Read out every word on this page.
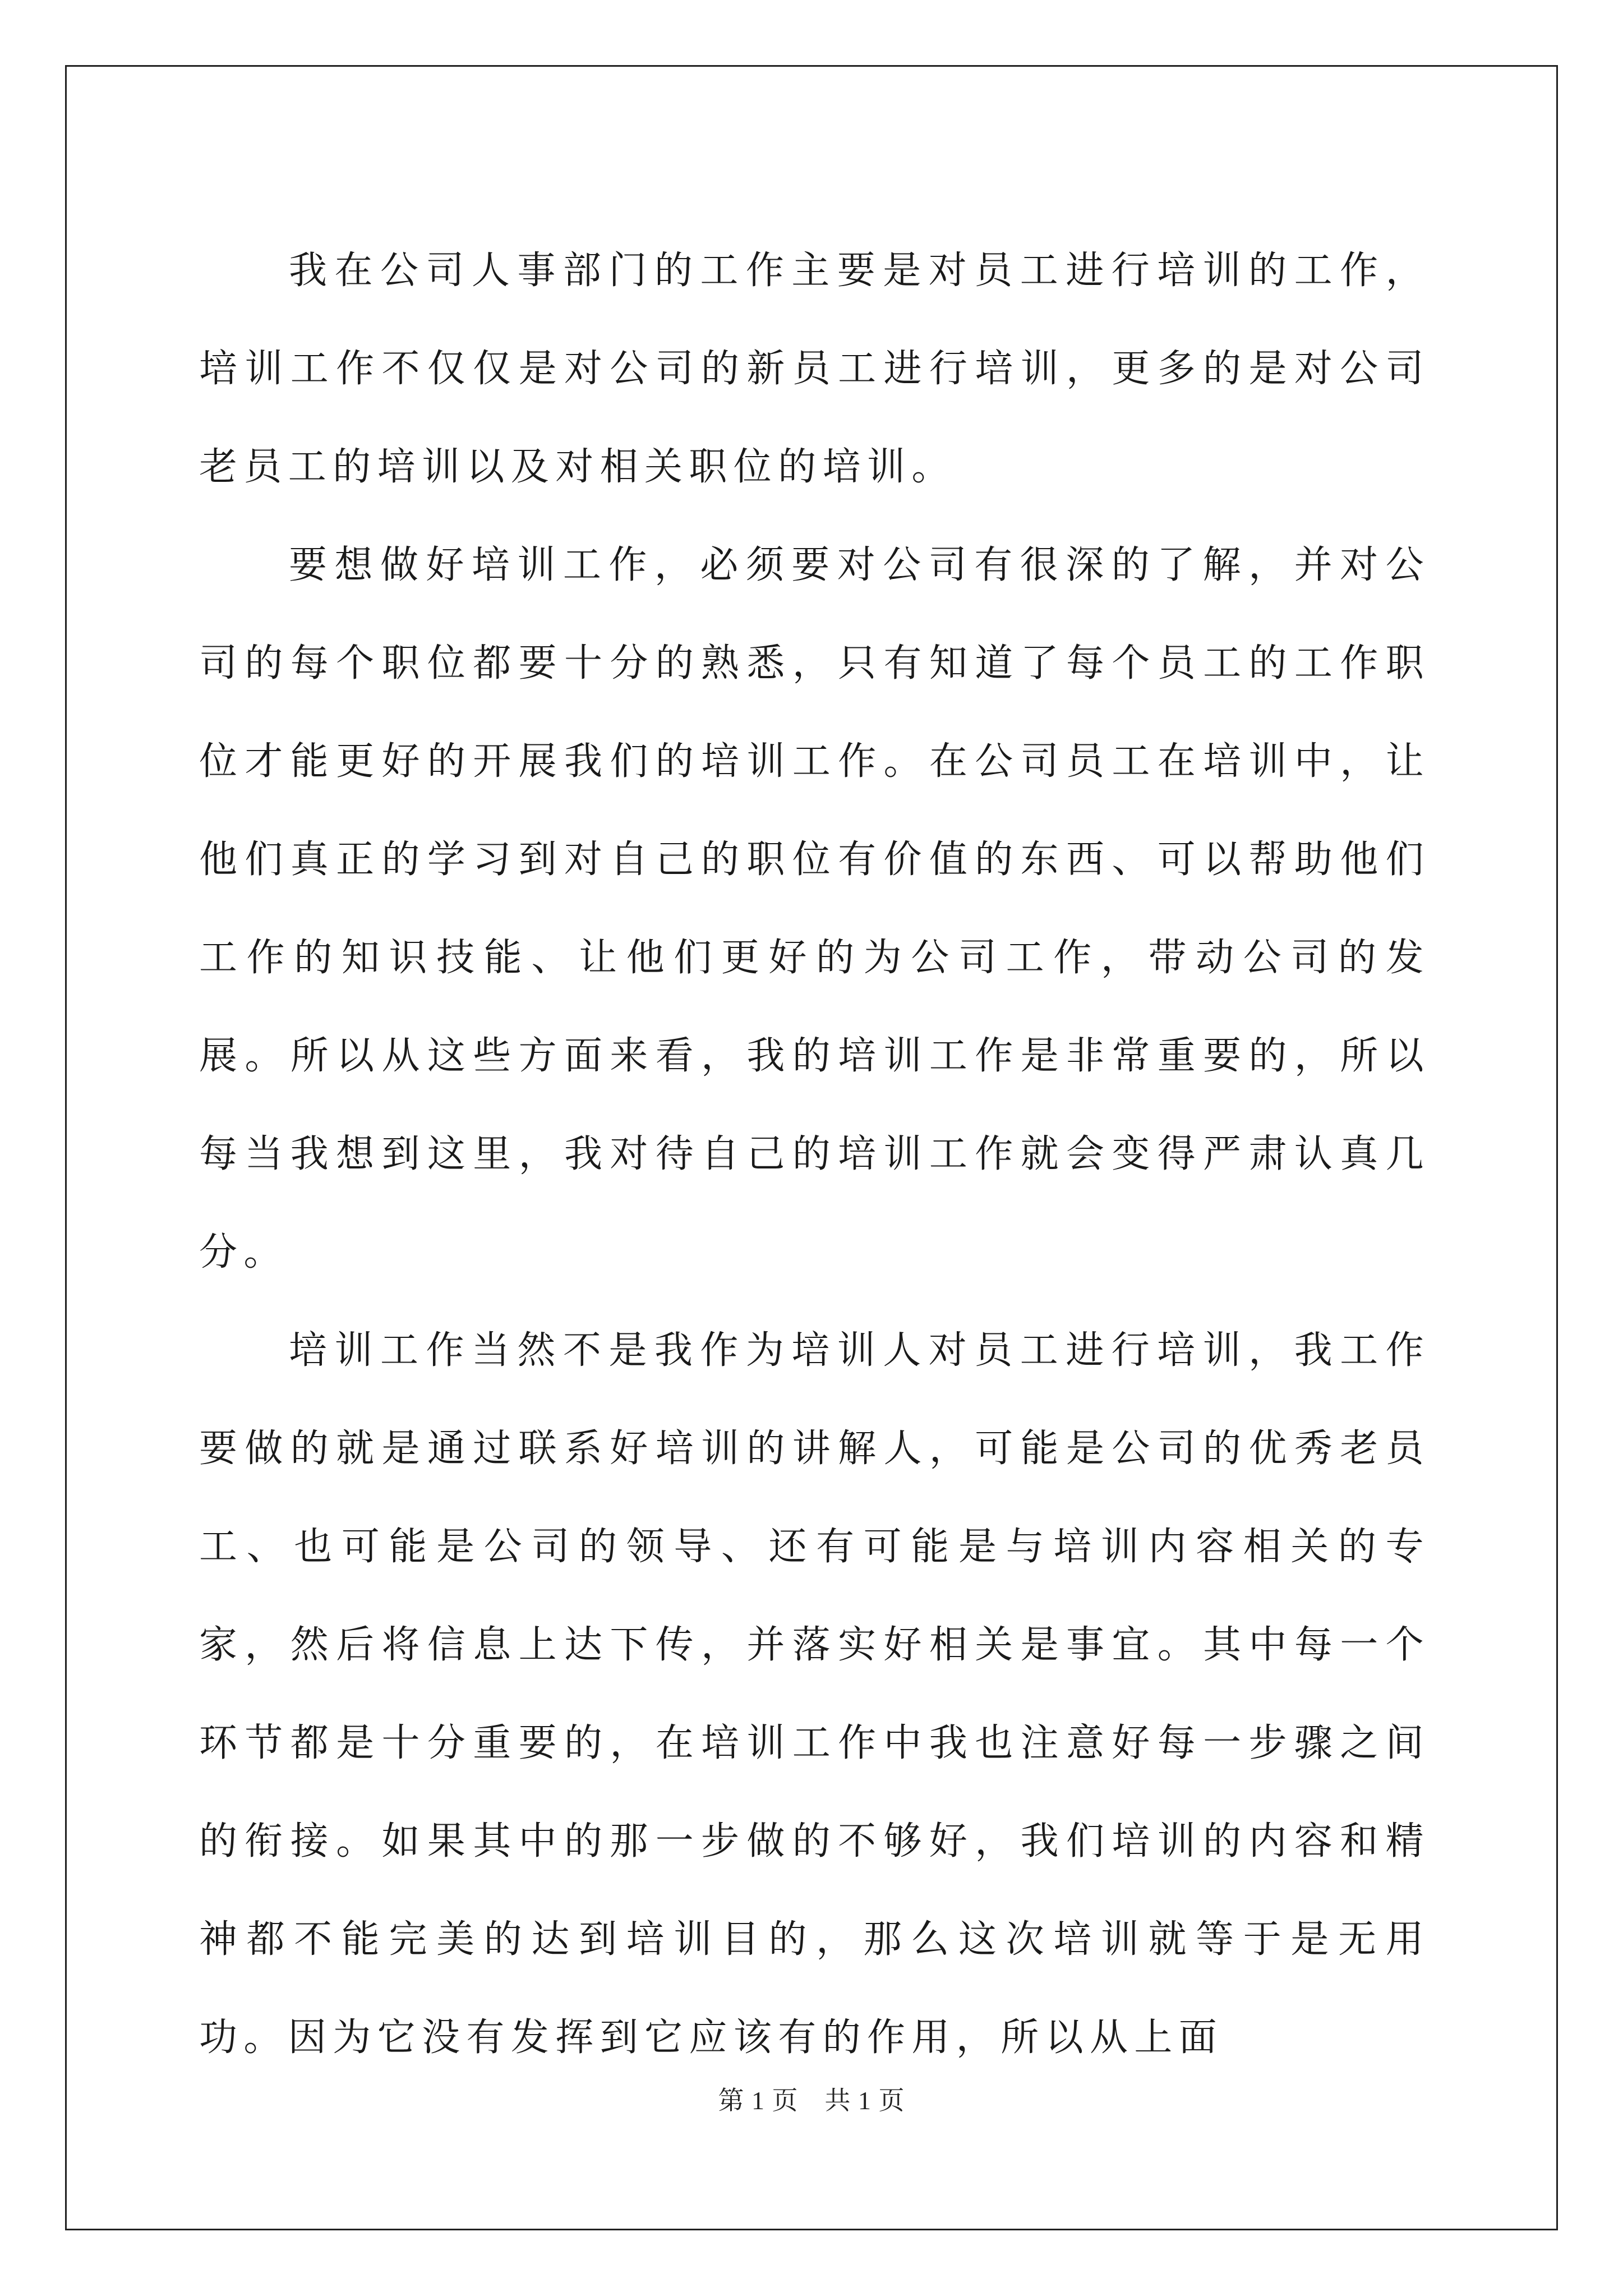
我在公司人事部门的工作主要是对员工进行培训的工作，培训工作不仅仅是对公司的新员工进行培训，更多的是对公司老员工的培训以及对相关职位的培训。

要想做好培训工作，必须要对公司有很深的了解，并对公司的每个职位都要十分的熟悉，只有知道了每个员工的工作职位才能更好的开展我们的培训工作。在公司员工在培训中，让他们真正的学习到对自己的职位有价值的东西、可以帮助他们工作的知识技能、让他们更好的为公司工作，带动公司的发展。所以从这些方面来看，我的培训工作是非常重要的，所以每当我想到这里，我对待自己的培训工作就会变得严肃认真几分。

培训工作当然不是我作为培训人对员工进行培训，我工作要做的就是通过联系好培训的讲解人，可能是公司的优秀老员工、也可能是公司的领导、还有可能是与培训内容相关的专家，然后将信息上达下传，并落实好相关是事宜。其中每一个环节都是十分重要的，在培训工作中我也注意好每一步骤之间的衔接。如果其中的那一步做的不够好，我们培训的内容和精神都不能完美的达到培训目的，那么这次培训就等于是无用功。因为它没有发挥到它应该有的作用，所以从上面

第 1 页　共 1 页
